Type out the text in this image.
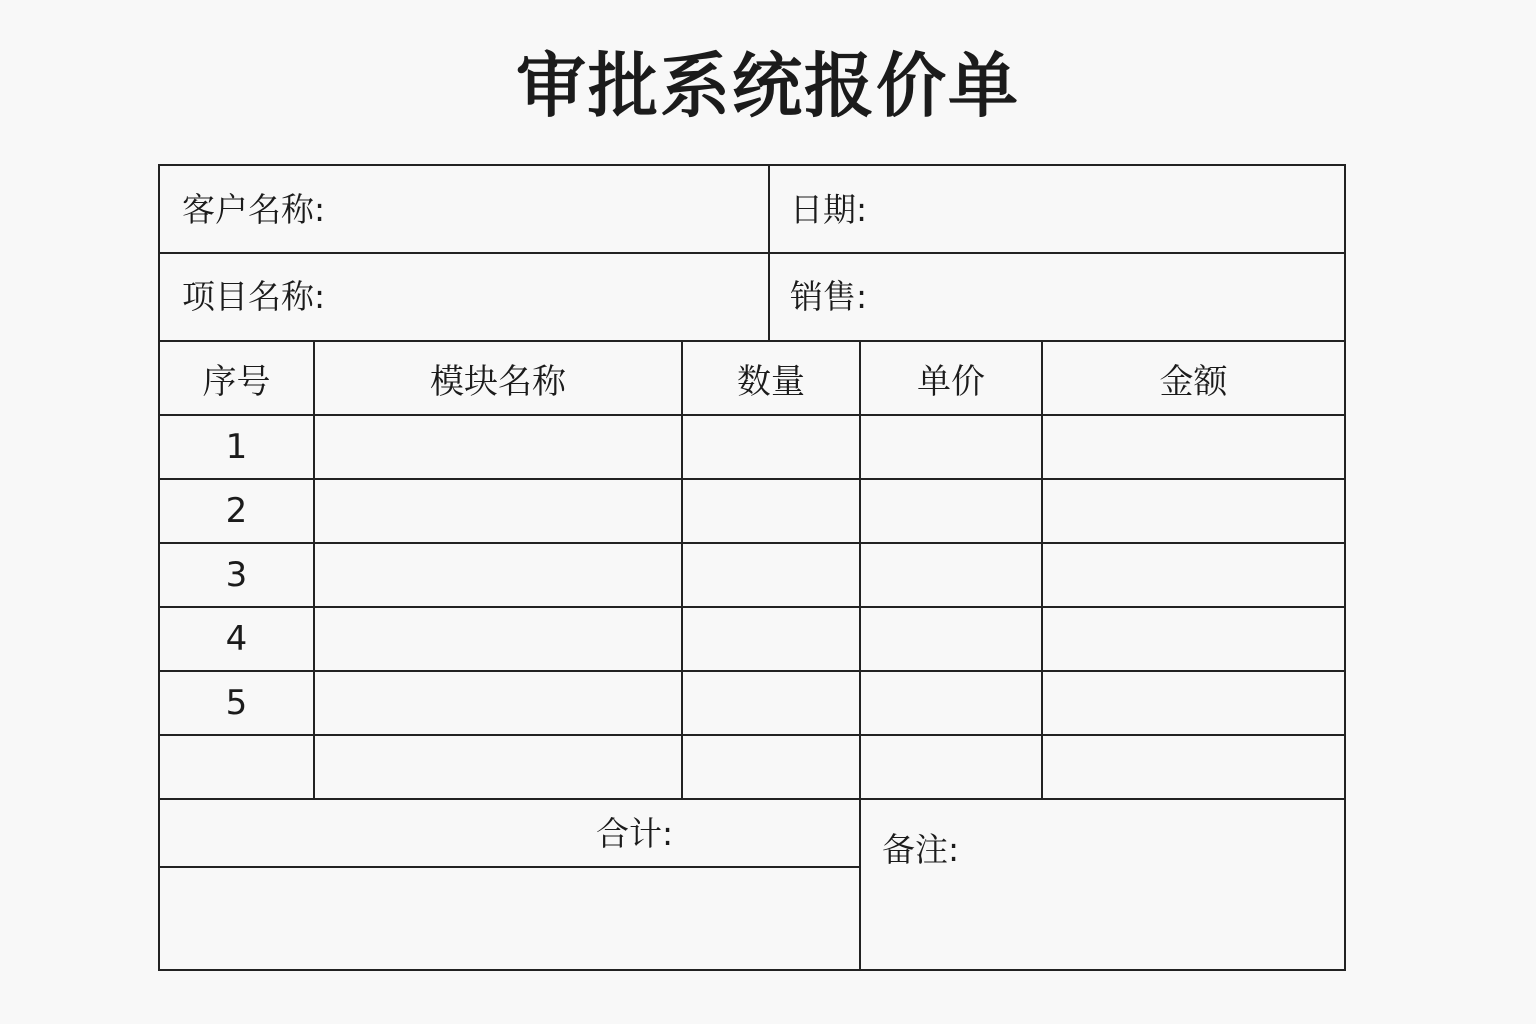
审批系统报价单
客户名称:	日期:
项目名称:	销售:
序号	模块名称	数量	单价	金额
1
2
3
4
5
合计:	备注:
